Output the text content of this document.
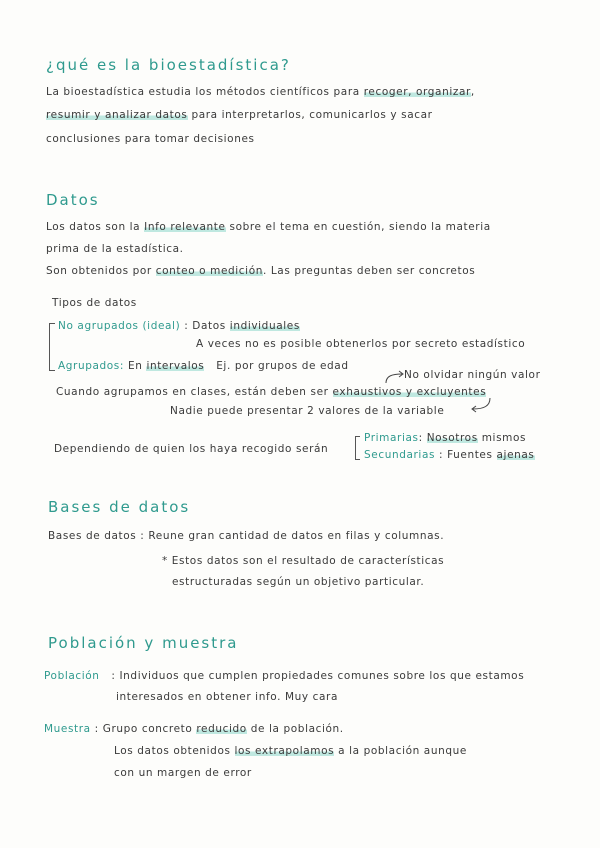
¿qué es la bioestadística?
La bioestadística estudia los métodos científicos para recoger, organizar,
resumir y analizar datos para interpretarlos, comunicarlos y sacar
conclusiones para tomar decisiones
Datos
Los datos son la Info relevante sobre el tema en cuestión, siendo la materia
prima de la estadística.
Son obtenidos por conteo o medición. Las preguntas deben ser concretos
Tipos de datos
No agrupados (ideal) : Datos individuales
A veces no es posible obtenerlos por secreto estadístico
Agrupados: En intervalos Ej. por grupos de edad
No olvidar ningún valor
Cuando agrupamos en clases, están deben ser exhaustivos y excluyentes
Nadie puede presentar 2 valores de la variable
Dependiendo de quien los haya recogido serán
Primarias: Nosotros mismos
Secundarias : Fuentes ajenas
Bases de datos
Bases de datos : Reune gran cantidad de datos en filas y columnas.
* Estos datos son el resultado de características
estructuradas según un objetivo particular.
Población y muestra
Población : Individuos que cumplen propiedades comunes sobre los que estamos
interesados en obtener info. Muy cara
Muestra : Grupo concreto reducido de la población.
Los datos obtenidos los extrapolamos a la población aunque
con un margen de error
